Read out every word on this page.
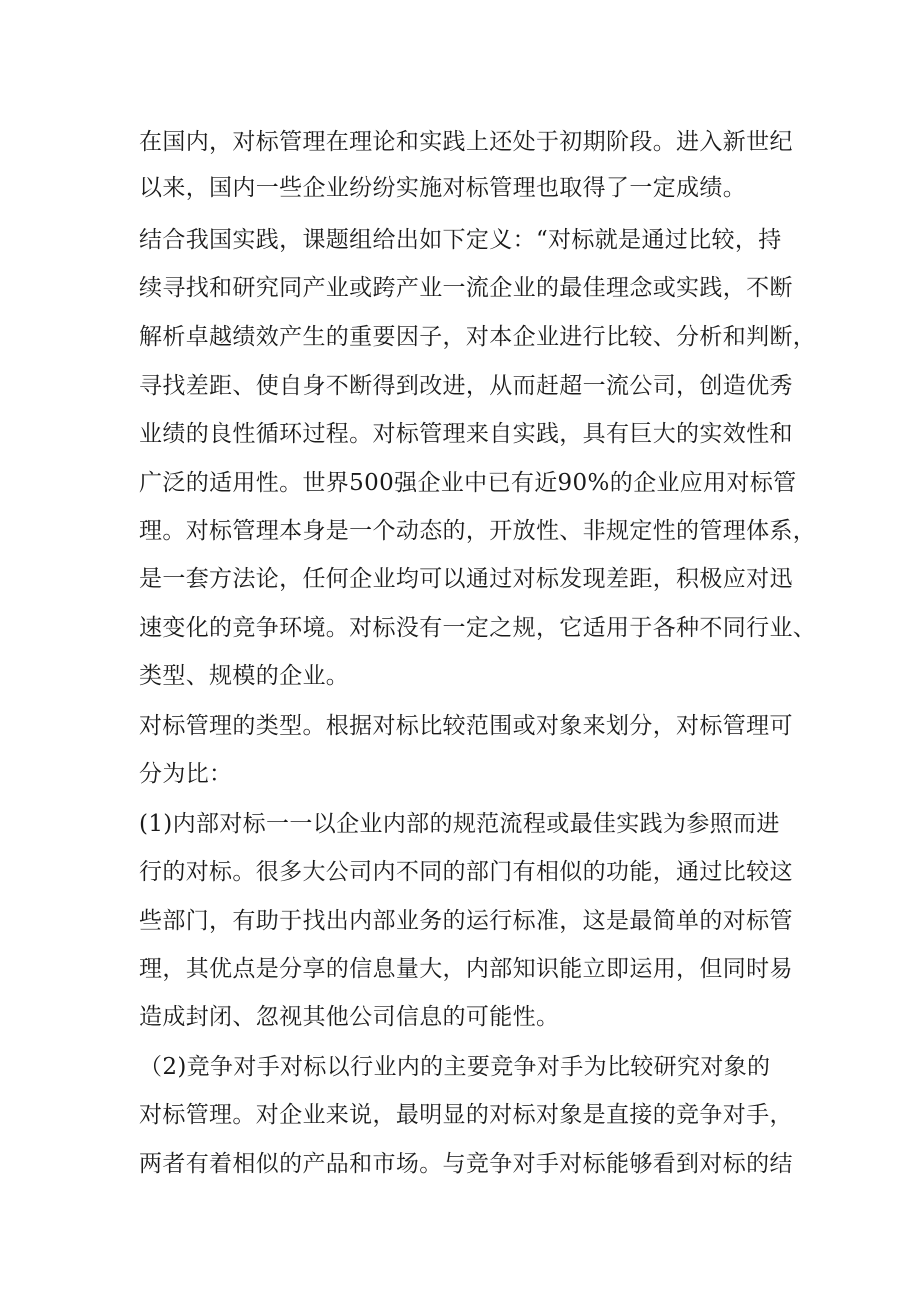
在国内，对标管理在理论和实践上还处于初期阶段。进入新世纪
以来，国内一些企业纷纷实施对标管理也取得了一定成绩。
结合我国实践，课题组给出如下定义：“对标就是通过比较，持
续寻找和研究同产业或跨产业一流企业的最佳理念或实践，不断
解析卓越绩效产生的重要因子，对本企业进行比较、分析和判断，
寻找差距、使自身不断得到改进，从而赶超一流公司，创造优秀
业绩的良性循环过程。对标管理来自实践，具有巨大的实效性和
广泛的适用性。世界500强企业中已有近90%的企业应用对标管
理。对标管理本身是一个动态的，开放性、非规定性的管理体系，
是一套方法论，任何企业均可以通过对标发现差距，积极应对迅
速变化的竞争环境。对标没有一定之规，它适用于各种不同行业、
类型、规模的企业。
对标管理的类型。根据对标比较范围或对象来划分，对标管理可
分为比：
(1)内部对标一一以企业内部的规范流程或最佳实践为参照而进
行的对标。很多大公司内不同的部门有相似的功能，通过比较这
些部门，有助于找出内部业务的运行标准，这是最简单的对标管
理，其优点是分享的信息量大，内部知识能立即运用，但同时易
造成封闭、忽视其他公司信息的可能性。
（2)竞争对手对标以行业内的主要竞争对手为比较研究对象的
对标管理。对企业来说，最明显的对标对象是直接的竞争对手，
两者有着相似的产品和市场。与竞争对手对标能够看到对标的结
